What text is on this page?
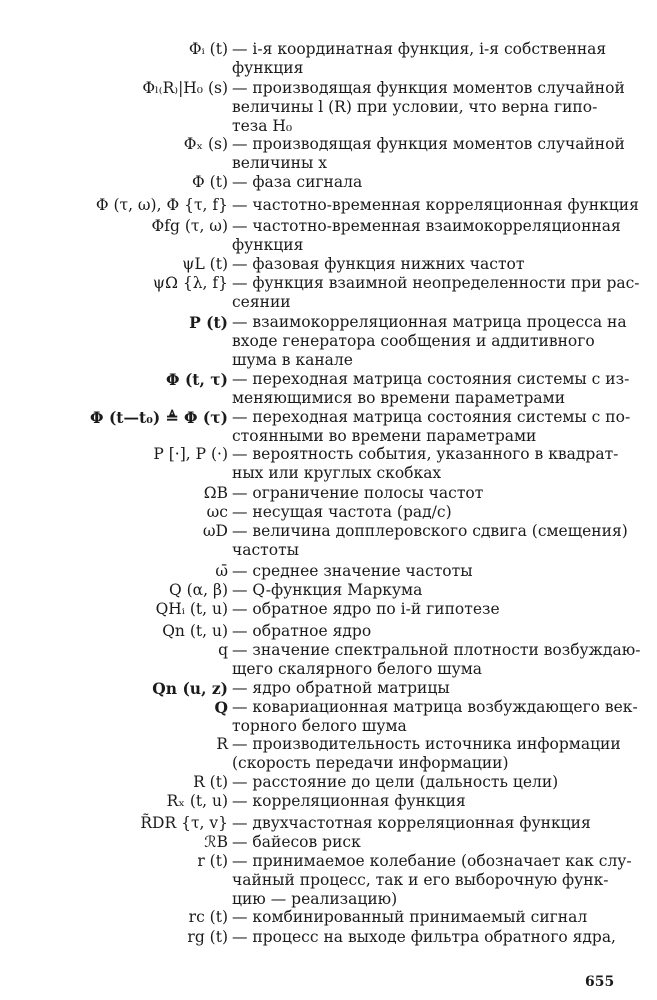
Φᵢ (t) — i-я координатная функция, i-я собственная
функция
Φₗ₍R₎|H₀ (s) — производящая функция моментов случайной
величины l (R) при условии, что верна гипо-
теза H₀
Φₓ (s) — производящая функция моментов случайной
величины x
Φ (t) — фаза сигнала
Φ (τ, ω), Φ {τ, f} — частотно-временная корреляционная функция
Φfg (τ, ω) — частотно-временная взаимокорреляционная
функция
ψL (t) — фазовая функция нижних частот
ψΩ {λ, f} — функция взаимной неопределенности при рас-
сеянии
P (t) — взаимокорреляционная матрица процесса на
входе генератора сообщения и аддитивного
шума в канале
Φ (t, τ) — переходная матрица состояния системы с из-
меняющимися во времени параметрами
Φ (t—t₀) ≜ Φ (τ) — переходная матрица состояния системы с по-
стоянными во времени параметрами
P [·], P (·) — вероятность события, указанного в квадрат-
ных или круглых скобках
ΩB — ограничение полосы частот
ωc — несущая частота (рад/с)
ωD — величина допплеровского сдвига (смещения)
частоты
ω̄ — среднее значение частоты
Q (α, β) — Q-функция Маркума
QHᵢ (t, u) — обратное ядро по i-й гипотезе
Qn (t, u) — обратное ядро
q — значение спектральной плотности возбуждаю-
щего скалярного белого шума
Qn (u, z) — ядро обратной матрицы
Q — ковариационная матрица возбуждающего век-
торного белого шума
R — производительность источника информации
(скорость передачи информации)
R (t) — расстояние до цели (дальность цели)
Rₓ (t, u) — корреляционная функция
R̃DR {τ, v} — двухчастотная корреляционная функция
ℛB — байесов риск
r (t) — принимаемое колебание (обозначает как слу-
чайный процесс, так и его выборочную функ-
цию — реализацию)
rc (t) — комбинированный принимаемый сигнал
rg (t) — процесс на выходе фильтра обратного ядра,
655
